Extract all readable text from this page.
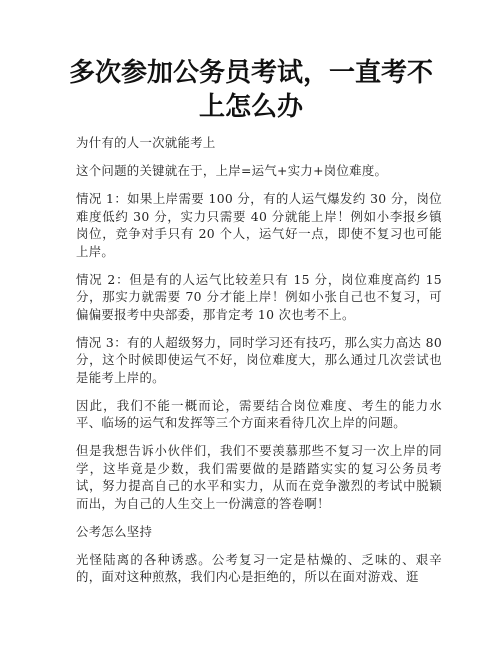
多次参加公务员考试，一直考不上怎么办

为什有的人一次就能考上

这个问题的关键就在于，上岸=运气+实力+岗位难度。

情况 1：如果上岸需要 100 分，有的人运气爆发约 30 分，岗位难度低约 30 分，实力只需要 40 分就能上岸！例如小李报乡镇岗位，竞争对手只有 20 个人，运气好一点，即使不复习也可能上岸。

情况 2：但是有的人运气比较差只有 15 分，岗位难度高约 15 分，那实力就需要 70 分才能上岸！例如小张自己也不复习，可偏偏要报考中央部委，那肯定考 10 次也考不上。

情况 3：有的人超级努力，同时学习还有技巧，那么实力高达 80 分，这个时候即使运气不好，岗位难度大，那么通过几次尝试也是能考上岸的。

因此，我们不能一概而论，需要结合岗位难度、考生的能力水平、临场的运气和发挥等三个方面来看待几次上岸的问题。

但是我想告诉小伙伴们，我们不要羡慕那些不复习一次上岸的同学，这毕竟是少数，我们需要做的是踏踏实实的复习公务员考试，努力提高自己的水平和实力，从而在竞争激烈的考试中脱颖而出，为自己的人生交上一份满意的答卷啊！

公考怎么坚持

光怪陆离的各种诱惑。公考复习一定是枯燥的、乏味的、艰辛的，面对这种煎熬，我们内心是拒绝的，所以在面对游戏、逛
